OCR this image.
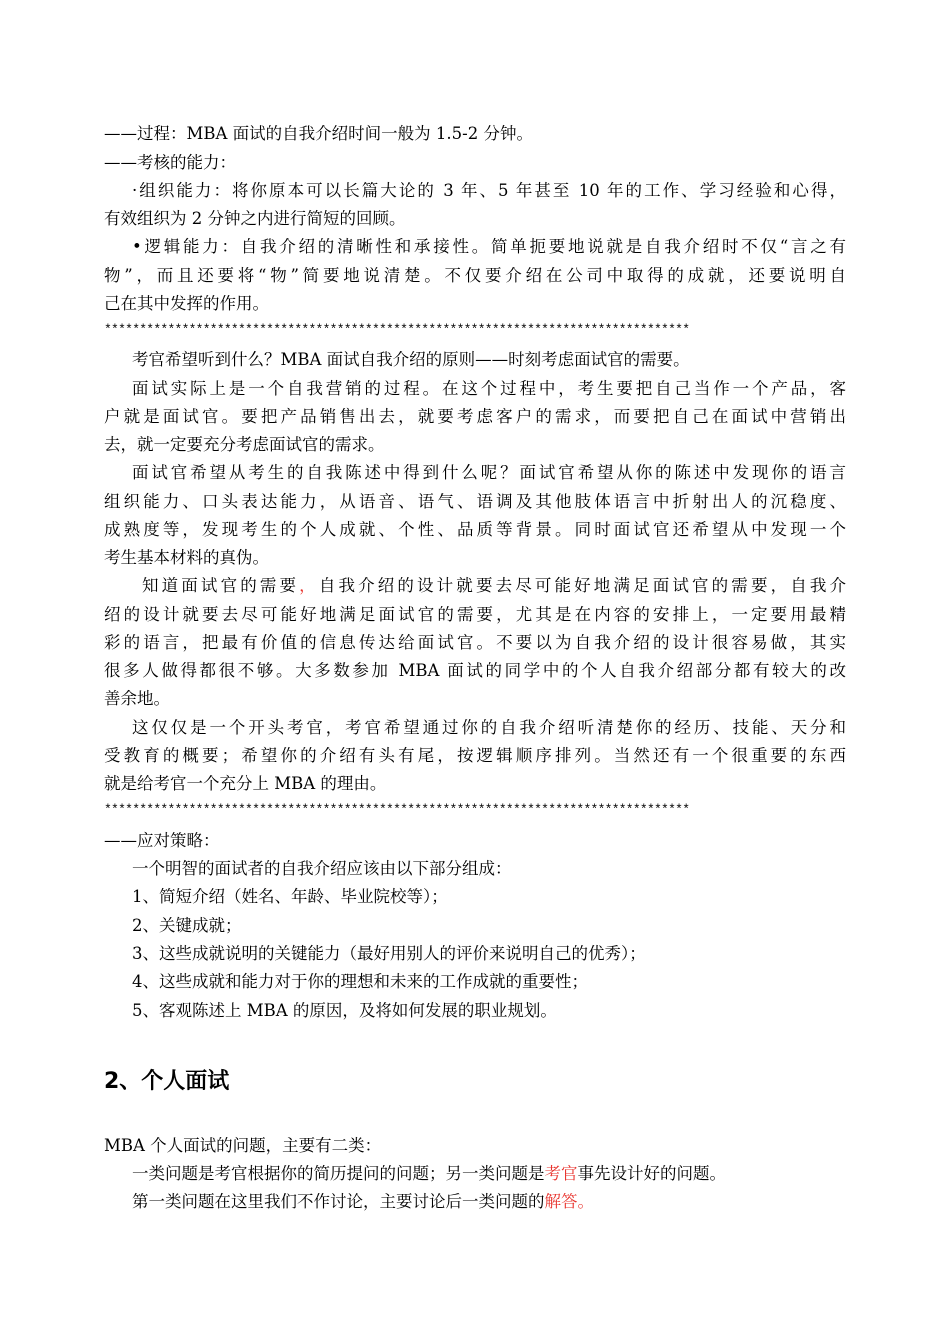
——过程：MBA 面试的自我介绍时间一般为 1.5-2 分钟。
——考核的能力：
·组织能力：将你原本可以长篇大论的 3 年、5 年甚至 10 年的工作、学习经验和心得，
有效组织为 2 分钟之内进行简短的回顾。
•逻辑能力：自我介绍的清晰性和承接性。简单扼要地说就是自我介绍时不仅“言之有
物”，而且还要将“物”简要地说清楚。不仅要介绍在公司中取得的成就，还要说明自
己在其中发挥的作用。
***********************************************************************************
考官希望听到什么？MBA 面试自我介绍的原则——时刻考虑面试官的需要。
面试实际上是一个自我营销的过程。在这个过程中，考生要把自己当作一个产品，客
户就是面试官。要把产品销售出去，就要考虑客户的需求，而要把自己在面试中营销出
去，就一定要充分考虑面试官的需求。
面试官希望从考生的自我陈述中得到什么呢？面试官希望从你的陈述中发现你的语言
组织能力、口头表达能力，从语音、语气、语调及其他肢体语言中折射出人的沉稳度、
成熟度等，发现考生的个人成就、个性、品质等背景。同时面试官还希望从中发现一个
考生基本材料的真伪。
知道面试官的需要，自我介绍的设计就要去尽可能好地满足面试官的需要，自我介
绍的设计就要去尽可能好地满足面试官的需要，尤其是在内容的安排上，一定要用最精
彩的语言，把最有价值的信息传达给面试官。不要以为自我介绍的设计很容易做，其实
很多人做得都很不够。大多数参加 MBA 面试的同学中的个人自我介绍部分都有较大的改
善余地。
这仅仅是一个开头考官，考官希望通过你的自我介绍听清楚你的经历、技能、天分和
受教育的概要；希望你的介绍有头有尾，按逻辑顺序排列。当然还有一个很重要的东西
就是给考官一个充分上 MBA 的理由。
***********************************************************************************
——应对策略：
一个明智的面试者的自我介绍应该由以下部分组成：
1、简短介绍（姓名、年龄、毕业院校等）；
2、关键成就；
3、这些成就说明的关键能力（最好用别人的评价来说明自己的优秀）；
4、这些成就和能力对于你的理想和未来的工作成就的重要性；
5、客观陈述上 MBA 的原因，及将如何发展的职业规划。
2、个人面试
MBA 个人面试的问题，主要有二类：
一类问题是考官根据你的简历提问的问题；另一类问题是考官事先设计好的问题。
第一类问题在这里我们不作讨论，主要讨论后一类问题的解答。
